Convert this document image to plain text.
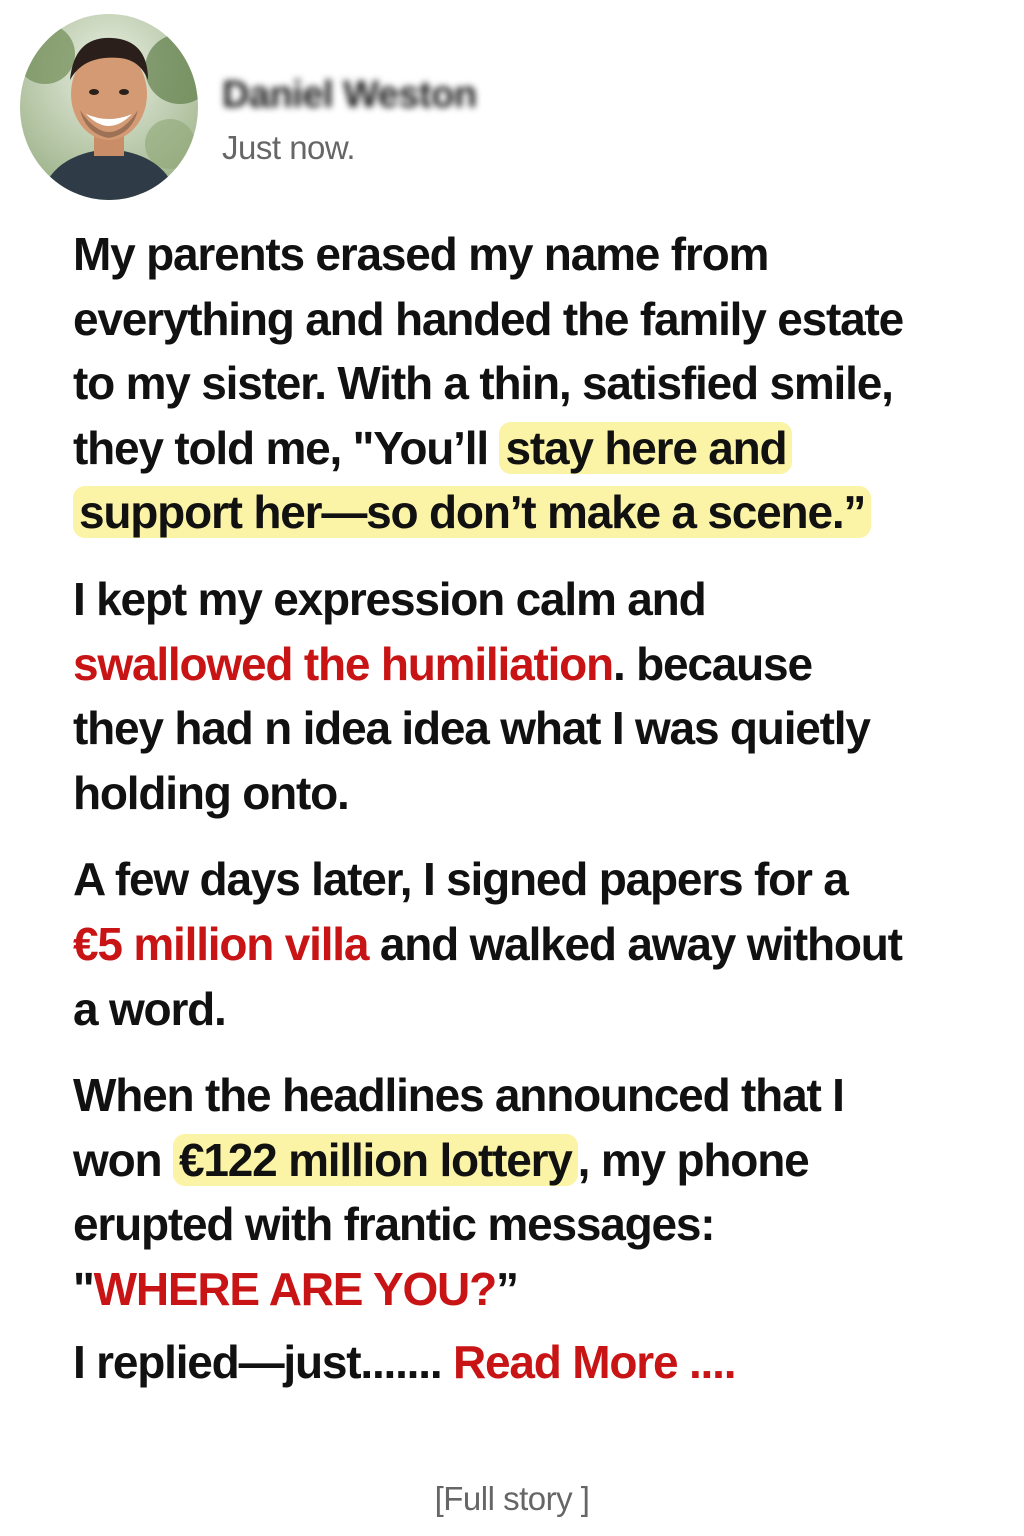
Daniel Weston
Just now.

My parents erased my name from everything and handed the family estate to my sister. With a thin, satisfied smile, they told me, "You’ll stay here and support her—so don’t make a scene.”

I kept my expression calm and swallowed the humiliation. because they had n idea idea what I was quietly holding onto.

A few days later, I signed papers for a €5 million villa and walked away without a word.

When the headlines announced that I won €122 million lottery , my phone erupted with frantic messages: "WHERE ARE YOU?”

I replied—just....... Read More ....

[Full story ]
